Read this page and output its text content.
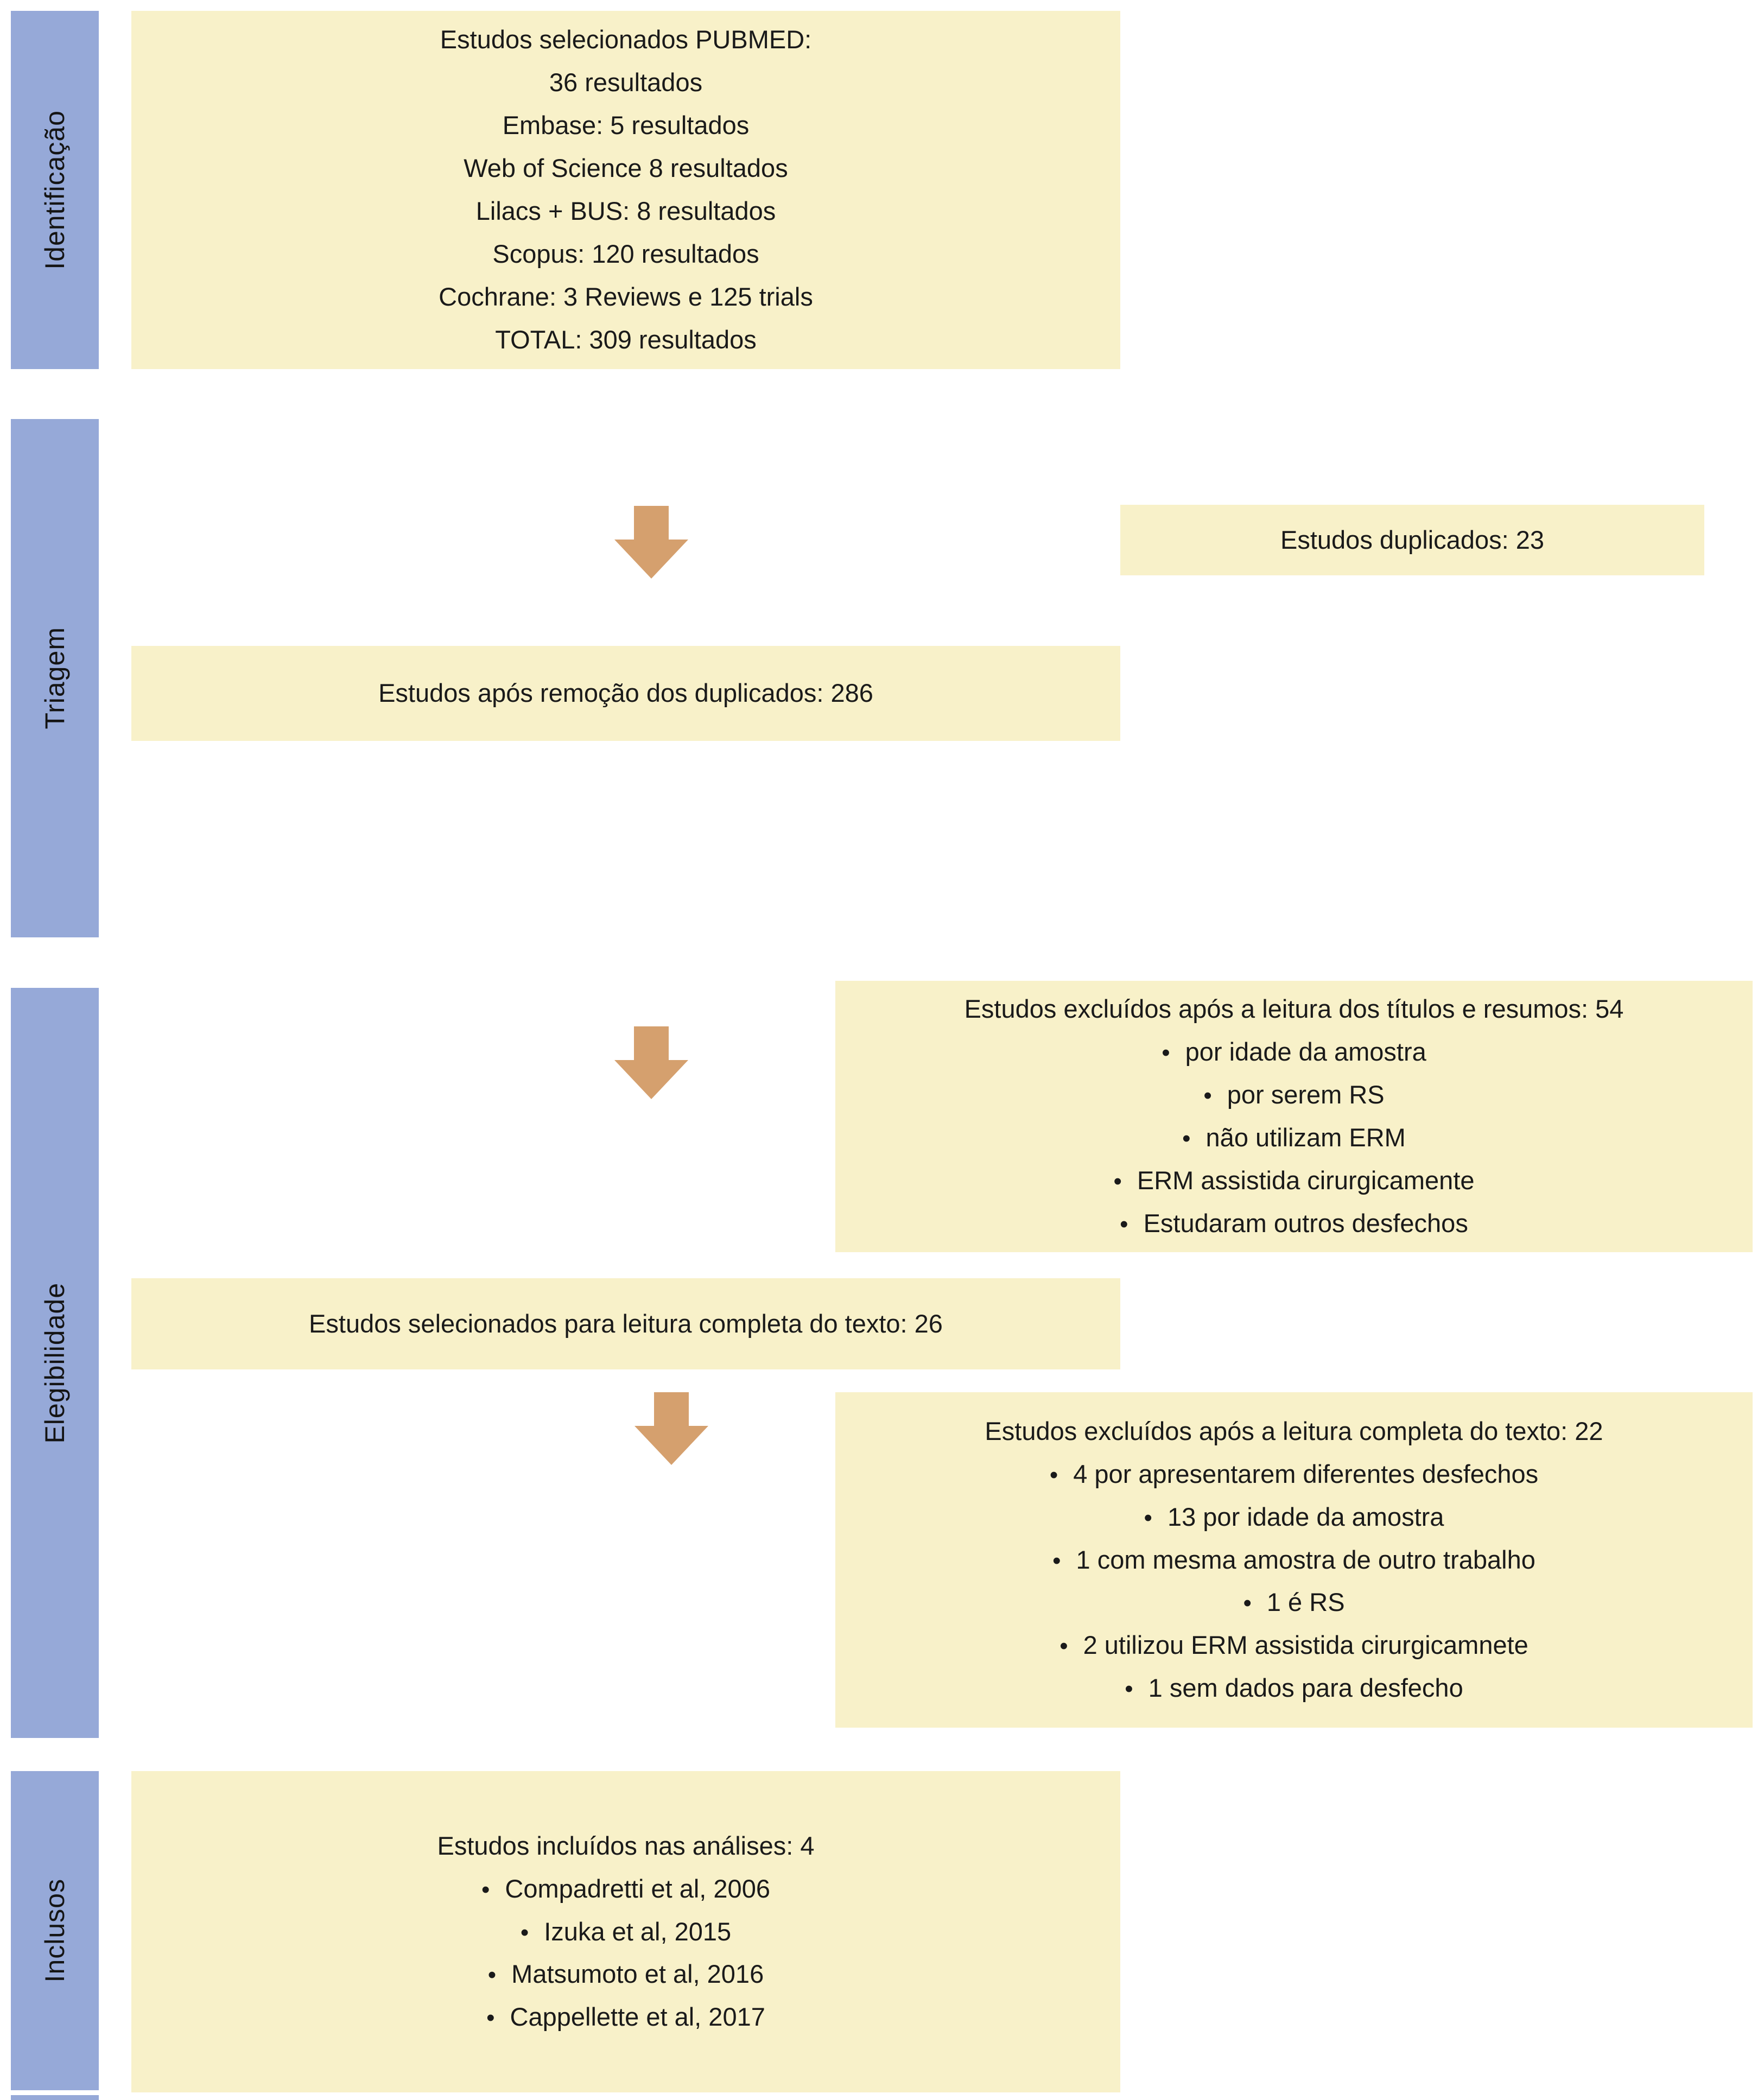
Identificação
Triagem
Elegibilidade
Inclusos
Estudos selecionados PUBMED:
36 resultados
Embase: 5 resultados
Web of Science 8 resultados
Lilacs + BUS: 8 resultados
Scopus: 120 resultados
Cochrane: 3 Reviews e 125 trials
TOTAL: 309 resultados
Estudos duplicados: 23
Estudos após remoção dos duplicados: 286
Estudos excluídos após a leitura dos títulos e resumos: 54
• por idade da amostra
• por serem RS
• não utilizam ERM
• ERM assistida cirurgicamente
• Estudaram outros desfechos
Estudos selecionados para leitura completa do texto: 26
Estudos excluídos após a leitura completa do texto: 22
• 4 por apresentarem diferentes desfechos
• 13 por idade da amostra
• 1 com mesma amostra de outro trabalho
• 1 é RS
• 2 utilizou ERM assistida cirurgicamnete
• 1 sem dados para desfecho
Estudos incluídos nas análises: 4
• Compadretti et al, 2006
• Izuka et al, 2015
• Matsumoto et al, 2016
• Cappellette et al, 2017
